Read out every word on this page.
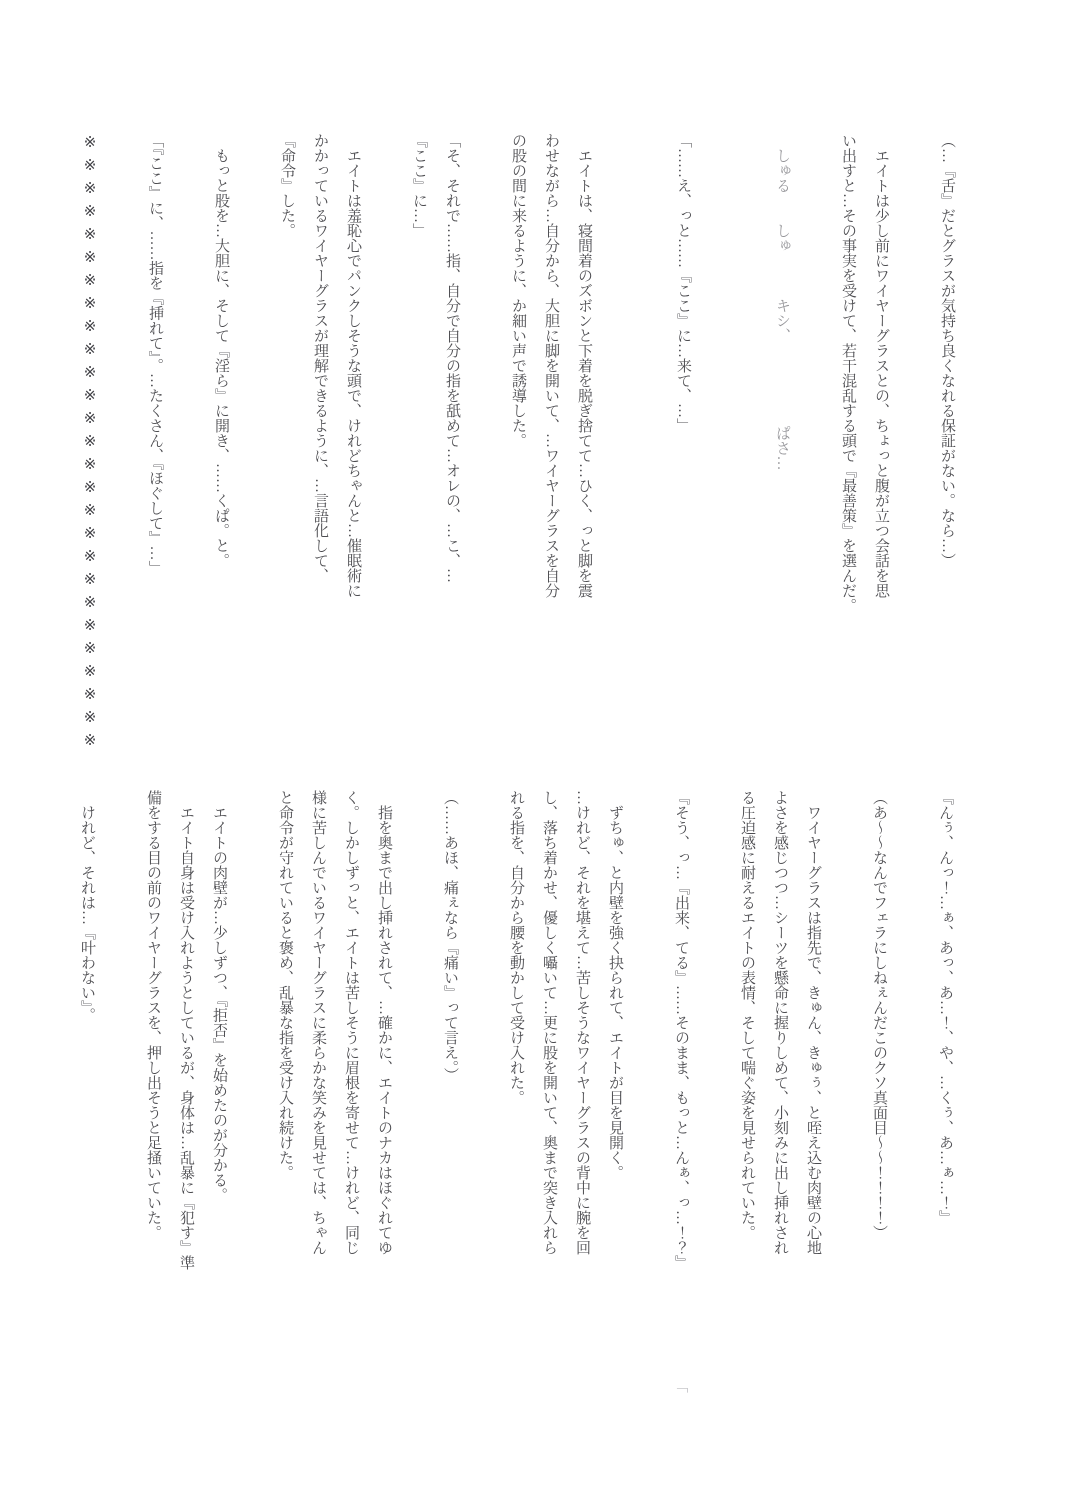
（…『舌』だとグラスが気持ち良くなれる保証がない。なら…）

エイトは少し前にワイヤーグラスとの、ちょっと腹が立つ会話を思

い出すと…その事実を受けて、若干混乱する頭で『最善策』を選んだ。

しゅる　　しゅ　　　キシ、　　　　　　ぱさ…

「……え、っと……『ここ』に…来て、…」

エイトは、寝間着のズボンと下着を脱ぎ捨てて…ひく、っと脚を震

わせながら…自分から、大胆に脚を開いて、…ワイヤーグラスを自分

の股の間に来るように、か細い声で誘導した。

「そ、それで……指、自分で自分の指を舐めて…オレの、…こ、…

『ここ』に…」

エイトは羞恥心でパンクしそうな頭で、けれどちゃんと…催眠術に

かかっているワイヤーグラスが理解できるように、…言語化して、

『命令』した。

もっと股を…大胆に、そして『淫ら』に開き、……くぱ。と。

「『ここ』に、……指を『挿れて』。…たくさん、『ほぐして』…」

※※※※※※※※※※※※※※※※※※※※※※※※※※※

『んぅ、んっ！…ぁ、あっ、あ…！、や、…くぅ、あ…ぁ…！』

（あ～～なんでフェラにしねぇんだこのクソ真面目～～！！！！）

ワイヤーグラスは指先で、きゅん、きゅぅ、と咥え込む肉壁の心地

よさを感じつつ…シーツを懸命に握りしめて、小刻みに出し挿れされ

る圧迫感に耐えるエイトの表情、そして喘ぐ姿を見せられていた。

『そう、っ…『出来、てる』……そのまま、もっと…んぁ、っ…！？』

ずちゅ、と内壁を強く抉られて、エイトが目を見開く。

…けれど、それを堪えて…苦しそうなワイヤーグラスの背中に腕を回

し、落ち着かせ、優しく囁いて…更に股を開いて、奥まで突き入れら

れる指を、自分から腰を動かして受け入れた。

（……あほ、痛ぇなら『痛い』って言え。）

指を奥まで出し挿れされて、…確かに、エイトのナカはほぐれてゆ

く。しかしずっと、エイトは苦しそうに眉根を寄せて…けれど、同じ

様に苦しんでいるワイヤーグラスに柔らかな笑みを見せては、ちゃん

と命令が守れていると褒め、乱暴な指を受け入れ続けた。

エイトの肉壁が…少しずつ、『拒否』を始めたのが分かる。

エイト自身は受け入れようとしているが、身体は…乱暴に『犯す』準

備をする目の前のワイヤーグラスを、押し出そうと足掻いていた。

けれど、それは…『叶わない』。

「
